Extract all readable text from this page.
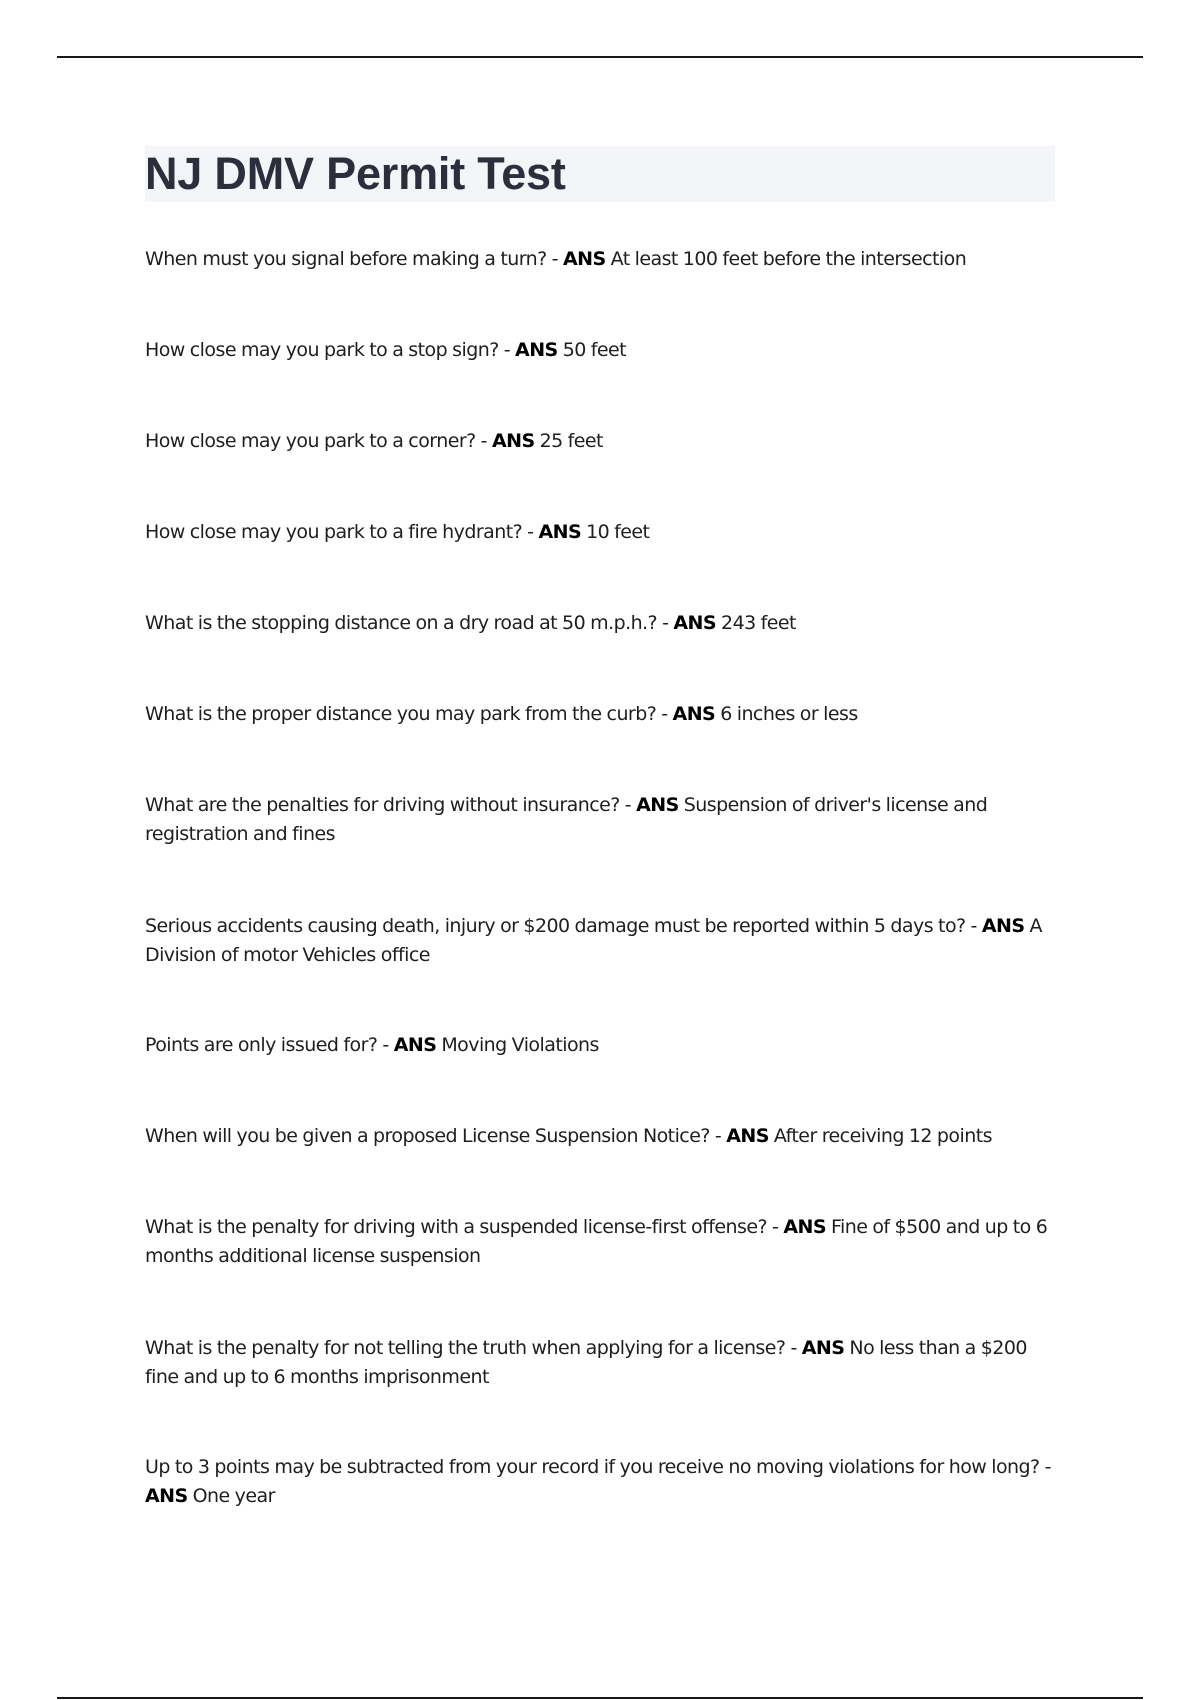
NJ DMV Permit Test
When must you signal before making a turn? - ANS At least 100 feet before the intersection
How close may you park to a stop sign? - ANS 50 feet
How close may you park to a corner? - ANS 25 feet
How close may you park to a fire hydrant? - ANS 10 feet
What is the stopping distance on a dry road at 50 m.p.h.? - ANS 243 feet
What is the proper distance you may park from the curb? - ANS 6 inches or less
What are the penalties for driving without insurance? - ANS Suspension of driver's license and registration and fines
Serious accidents causing death, injury or $200 damage must be reported within 5 days to? - ANS A Division of motor Vehicles office
Points are only issued for? - ANS Moving Violations
When will you be given a proposed License Suspension Notice? - ANS After receiving 12 points
What is the penalty for driving with a suspended license-first offense? - ANS Fine of $500 and up to 6 months additional license suspension
What is the penalty for not telling the truth when applying for a license? - ANS No less than a $200 fine and up to 6 months imprisonment
Up to 3 points may be subtracted from your record if you receive no moving violations for how long? - ANS One year
